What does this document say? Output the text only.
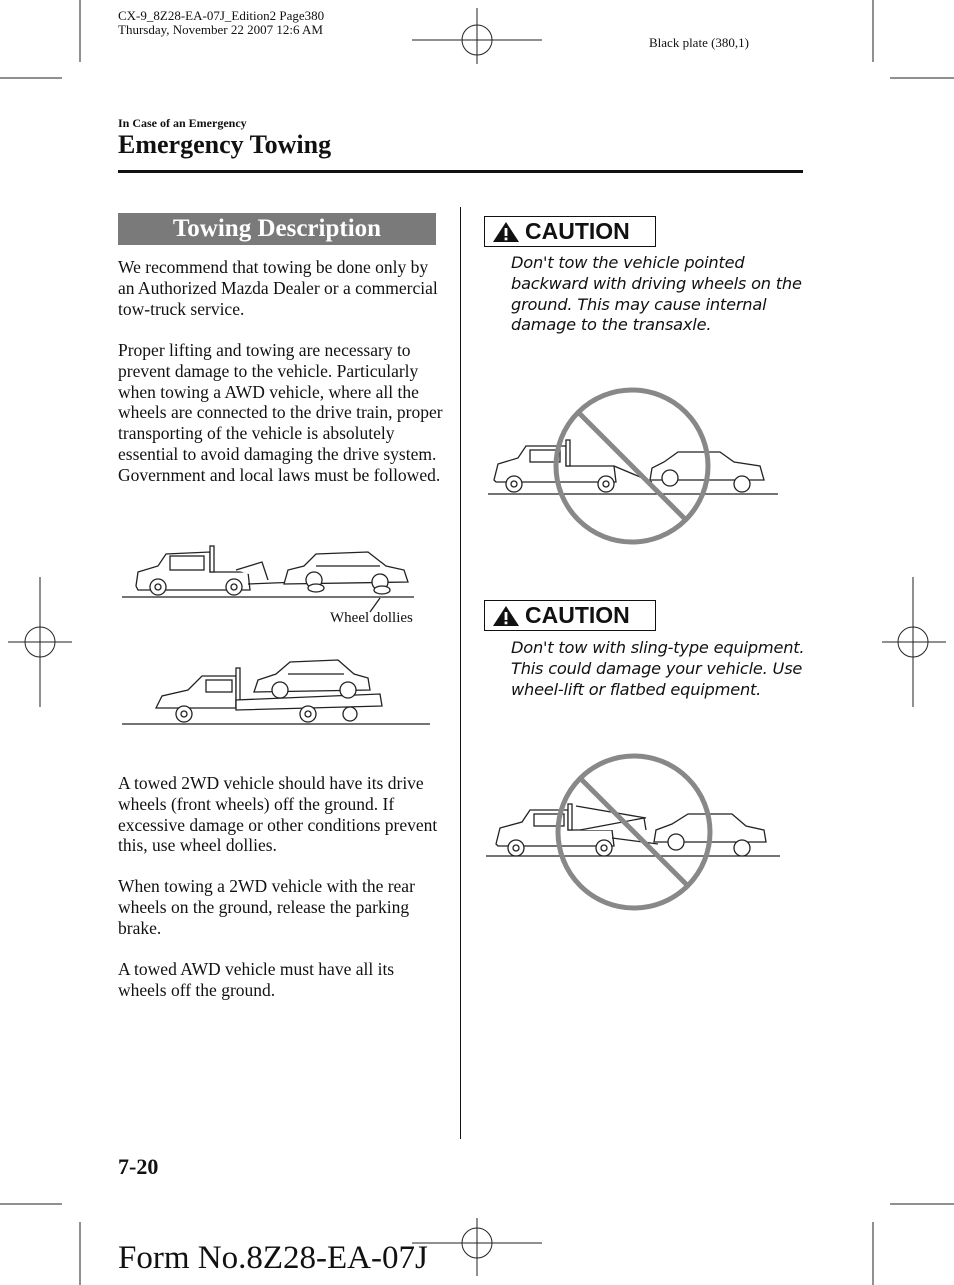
CX-9_8Z28-EA-07J_Edition2 Page380
Thursday, November 22 2007 12:6 AM
Black plate (380,1)
In Case of an Emergency
Emergency Towing
Towing Description

We recommend that towing be done only by an Authorized Mazda Dealer or a commercial tow-truck service.

Proper lifting and towing are necessary to prevent damage to the vehicle. Particularly when towing a AWD vehicle, where all the wheels are connected to the drive train, proper transporting of the vehicle is absolutely essential to avoid damaging the drive system. Government and local laws must be followed.

Wheel dollies

A towed 2WD vehicle should have its drive wheels (front wheels) off the ground. If excessive damage or other conditions prevent this, use wheel dollies.

When towing a 2WD vehicle with the rear wheels on the ground, release the parking brake.

A towed AWD vehicle must have all its wheels off the ground.

CAUTION

Don't tow the vehicle pointed backward with driving wheels on the ground. This may cause internal damage to the transaxle.

CAUTION

Don't tow with sling-type equipment. This could damage your vehicle. Use wheel-lift or flatbed equipment.

7-20
Form No.8Z28-EA-07J
